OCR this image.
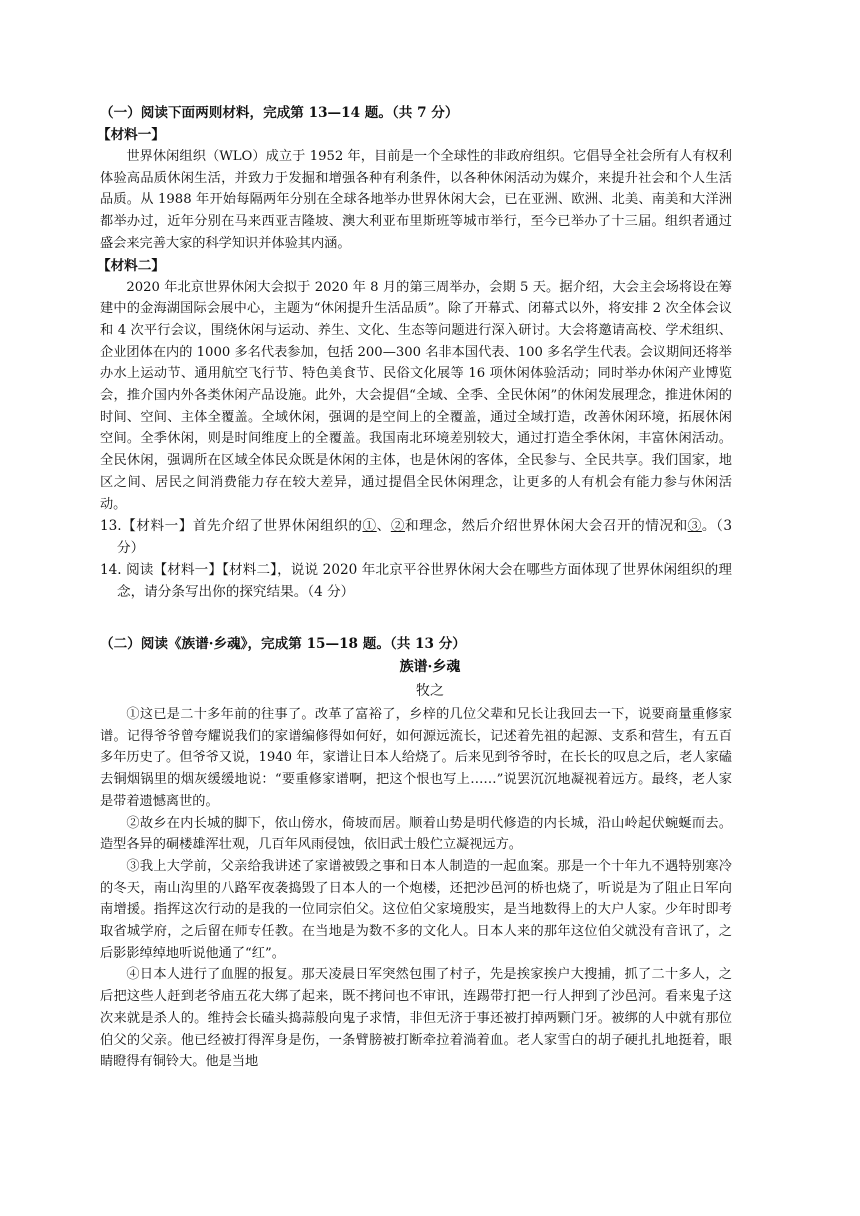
（一）阅读下面两则材料，完成第 13—14 题。（共 7 分）

【材料一】

世界休闲组织（WLO）成立于 1952 年，目前是一个全球性的非政府组织。它倡导全社会所有人有权利体验高品质休闲生活，并致力于发掘和增强各种有利条件，以各种休闲活动为媒介，来提升社会和个人生活品质。从 1988 年开始每隔两年分别在全球各地举办世界休闲大会，已在亚洲、欧洲、北美、南美和大洋洲都举办过，近年分别在马来西亚吉隆坡、澳大利亚布里斯班等城市举行，至今已举办了十三届。组织者通过盛会来完善大家的科学知识并体验其内涵。

【材料二】

2020 年北京世界休闲大会拟于 2020 年 8 月的第三周举办，会期 5 天。据介绍，大会主会场将设在筹建中的金海湖国际会展中心，主题为“休闲提升生活品质”。除了开幕式、闭幕式以外，将安排 2 次全体会议和 4 次平行会议，围绕休闲与运动、养生、文化、生态等问题进行深入研讨。大会将邀请高校、学术组织、企业团体在内的 1000 多名代表参加，包括 200—300 名非本国代表、100 多名学生代表。会议期间还将举办水上运动节、通用航空飞行节、特色美食节、民俗文化展等 16 项休闲体验活动；同时举办休闲产业博览会，推介国内外各类休闲产品设施。此外，大会提倡“全域、全季、全民休闲”的休闲发展理念，推进休闲的时间、空间、主体全覆盖。全域休闲，强调的是空间上的全覆盖，通过全域打造，改善休闲环境，拓展休闲空间。全季休闲，则是时间维度上的全覆盖。我国南北环境差别较大，通过打造全季休闲，丰富休闲活动。全民休闲，强调所在区域全体民众既是休闲的主体，也是休闲的客体，全民参与、全民共享。我们国家，地区之间、居民之间消费能力存在较大差异，通过提倡全民休闲理念，让更多的人有机会有能力参与休闲活动。

13.【材料一】首先介绍了世界休闲组织的①、②和理念，然后介绍世界休闲大会召开的情况和③。（3 分）

14. 阅读【材料一】【材料二】，说说 2020 年北京平谷世界休闲大会在哪些方面体现了世界休闲组织的理念，请分条写出你的探究结果。（4 分）

（二）阅读《族谱·乡魂》，完成第 15—18 题。（共 13 分）

族谱·乡魂
牧之

①这已是二十多年前的往事了。改革了富裕了，乡梓的几位父辈和兄长让我回去一下，说要商量重修家谱。记得爷爷曾夸耀说我们的家谱编修得如何好，如何源远流长，记述着先祖的起源、支系和营生，有五百多年历史了。但爷爷又说，1940 年，家谱让日本人给烧了。后来见到爷爷时，在长长的叹息之后，老人家磕去铜烟锅里的烟灰缓缓地说：“要重修家谱啊，把这个恨也写上……”说罢沉沉地凝视着远方。最终，老人家是带着遗憾离世的。

②故乡在内长城的脚下，依山傍水，倚坡而居。顺着山势是明代修造的内长城，沿山岭起伏蜿蜒而去。造型各异的硐楼雄浑壮观，几百年风雨侵蚀，依旧武士般伫立凝视远方。

③我上大学前，父亲给我讲述了家谱被毁之事和日本人制造的一起血案。那是一个十年九不遇特别寒冷的冬天，南山沟里的八路军夜袭捣毁了日本人的一个炮楼，还把沙邑河的桥也烧了，听说是为了阻止日军向南增援。指挥这次行动的是我的一位同宗伯父。这位伯父家境殷实，是当地数得上的大户人家。少年时即考取省城学府，之后留在师专任教。在当地是为数不多的文化人。日本人来的那年这位伯父就没有音讯了，之后影影绰绰地听说他通了“红”。

④日本人进行了血腥的报复。那天凌晨日军突然包围了村子，先是挨家挨户大搜捕，抓了二十多人，之后把这些人赶到老爷庙五花大绑了起来，既不拷问也不审讯，连踢带打把一行人押到了沙邑河。看来鬼子这次来就是杀人的。维持会长磕头捣蒜般向鬼子求情，非但无济于事还被打掉两颗门牙。被绑的人中就有那位伯父的父亲。他已经被打得浑身是伤，一条臂膀被打断牵拉着淌着血。老人家雪白的胡子硬扎扎地挺着，眼睛瞪得有铜铃大。他是当地
